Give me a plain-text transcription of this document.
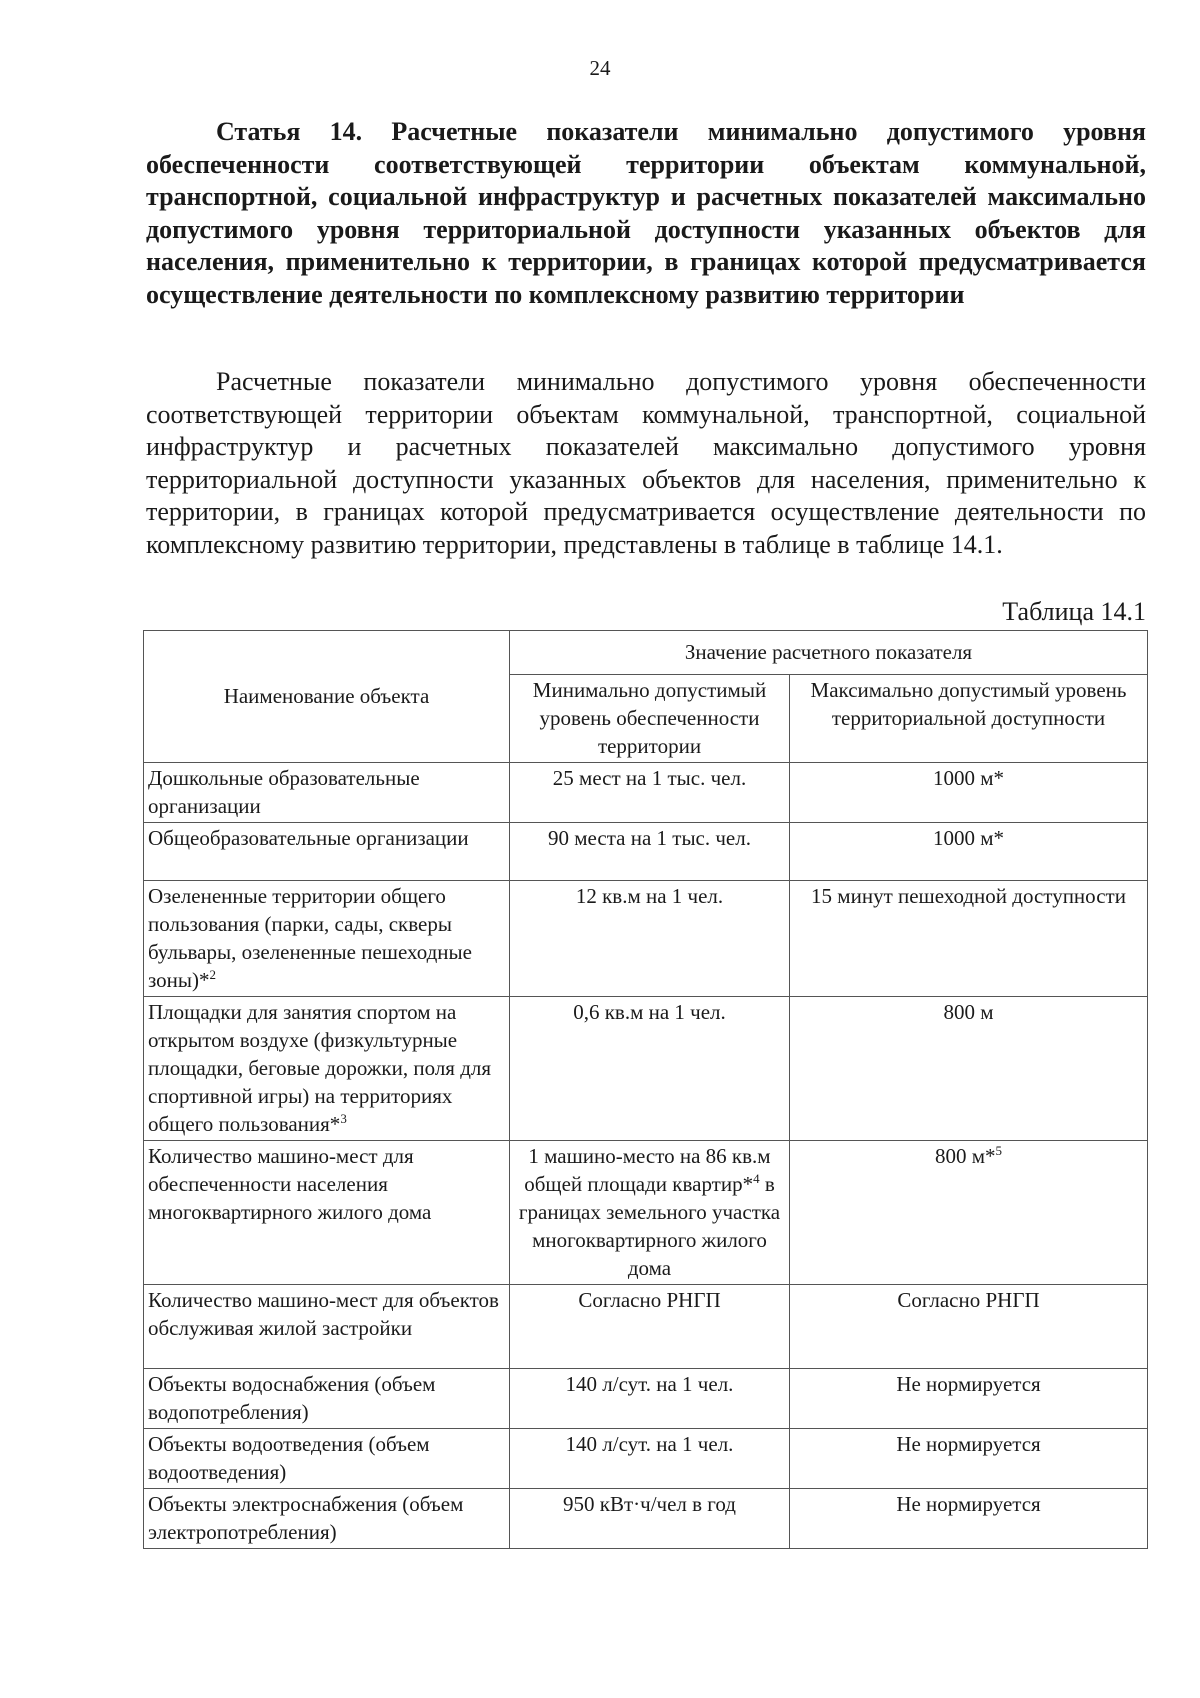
24

Статья 14. Расчетные показатели минимально допустимого уровня обеспеченности соответствующей территории объектам коммунальной, транспортной, социальной инфраструктур и расчетных показателей максимально допустимого уровня территориальной доступности указанных объектов для населения, применительно к территории, в границах которой предусматривается осуществление деятельности по комплексному развитию территории

Расчетные показатели минимально допустимого уровня обеспеченности соответствующей территории объектам коммунальной, транспортной, социальной инфраструктур и расчетных показателей максимально допустимого уровня территориальной доступности указанных объектов для населения, применительно к территории, в границах которой предусматривается осуществление деятельности по комплексному развитию территории, представлены в таблице в таблице 14.1.

Таблица 14.1
Наименование объекта	Значение расчетного показателя	
	Минимально допустимый уровень обеспеченности территории	Максимально допустимый уровень территориальной доступности
Дошкольные образовательные организации	25 мест на 1 тыс. чел.	1000 м*
Общеобразовательные организации	90 места на 1 тыс. чел.	1000 м*
Озелененные территории общего пользования (парки, сады, скверы бульвары, озелененные пешеходные зоны)*$^2$	12 кв.м на 1 чел.	15 минут пешеходной доступности
Площадки для занятия спортом на открытом воздухе (физкультурные площадки, беговые дорожки, поля для спортивной игры) на территориях общего пользования*$^3$	0,6 кв.м на 1 чел.	800 м
Количество машино-мест для обеспеченности населения многоквартирного жилого дома	1 машино-место на 86 кв.м общей площади квартир*$^4$ в границах земельного участка многоквартирного жилого дома	800 м*$^5$
Количество машино-мест для объектов обслуживая жилой застройки	Согласно РНГП	Согласно РНГП
Объекты водоснабжения (объем водопотребления)	140 л/сут. на 1 чел.	Не нормируется
Объекты водоотведения (объем водоотведения)	140 л/сут. на 1 чел.	Не нормируется
Объекты электроснабжения (объем электропотребления)	950 кВт·ч/чел в год	Не нормируется
